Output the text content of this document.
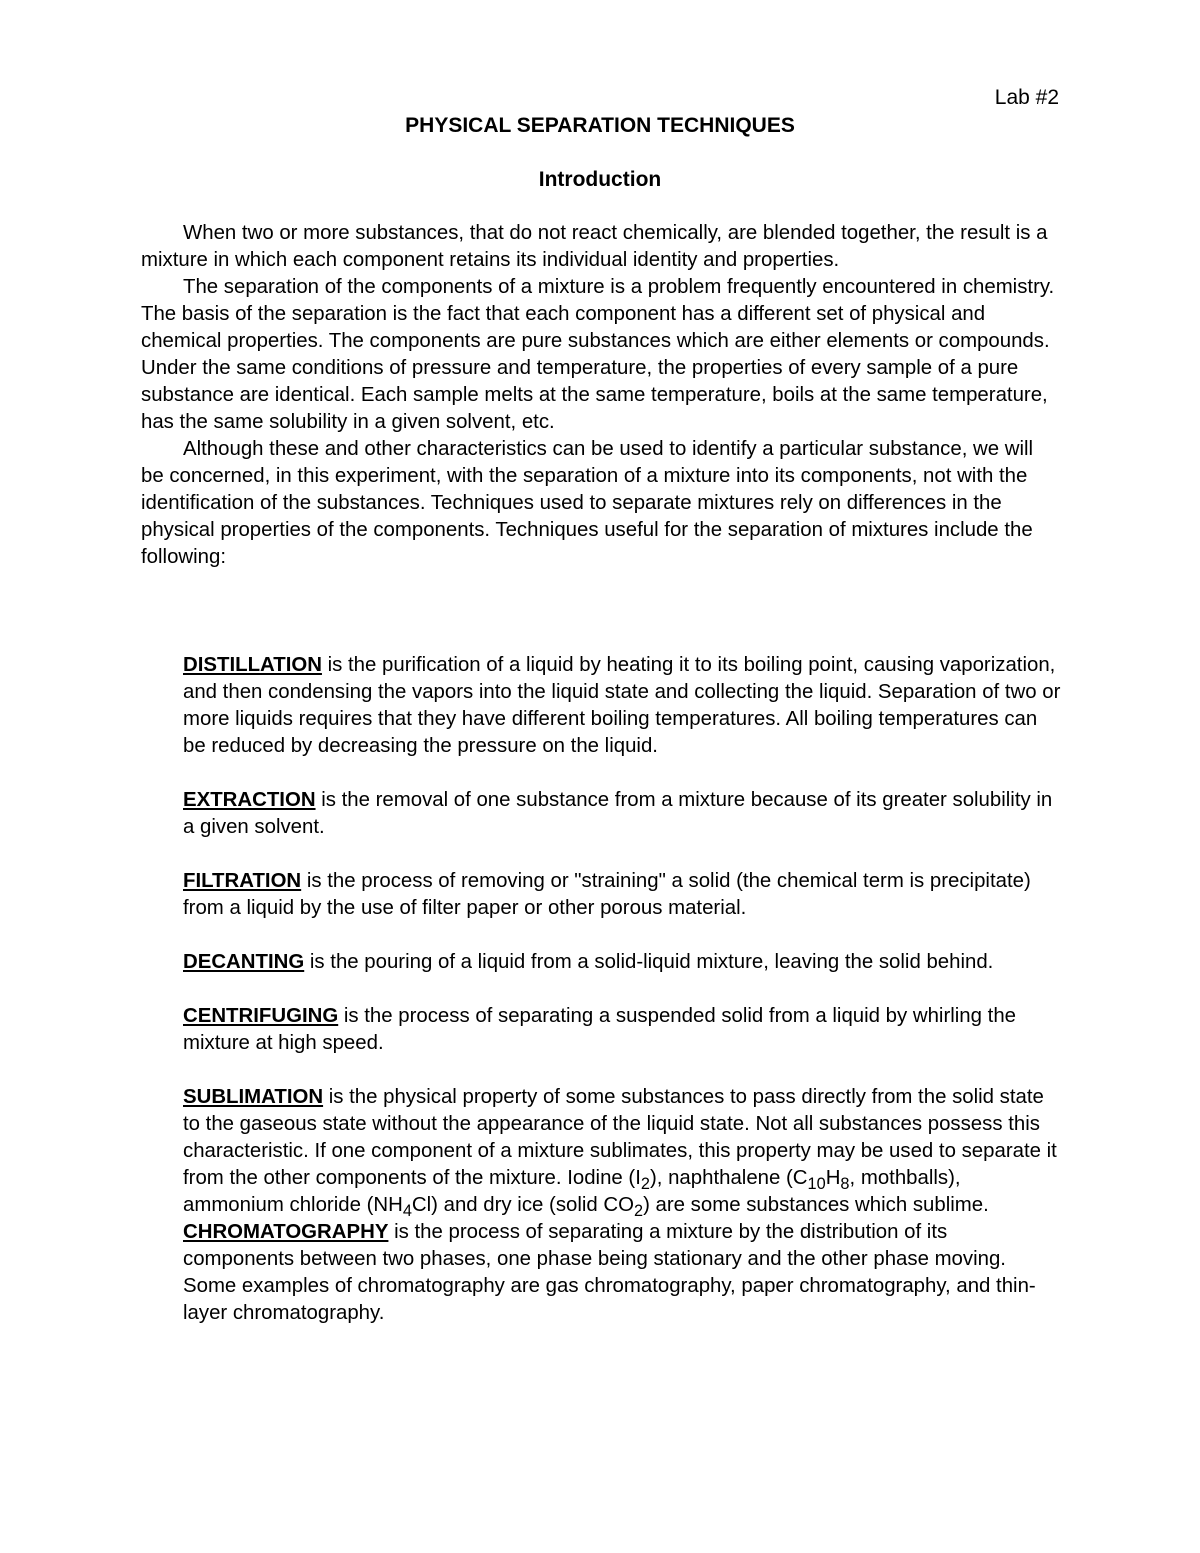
Lab #2
PHYSICAL SEPARATION TECHNIQUES
Introduction

When two or more substances, that do not react chemically, are blended together, the result is a mixture in which each component retains its individual identity and properties.

The separation of the components of a mixture is a problem frequently encountered in chemistry. The basis of the separation is the fact that each component has a different set of physical and chemical properties. The components are pure substances which are either elements or compounds. Under the same conditions of pressure and temperature, the properties of every sample of a pure substance are identical. Each sample melts at the same temperature, boils at the same temperature, has the same solubility in a given solvent, etc.

Although these and other characteristics can be used to identify a particular substance, we will be concerned, in this experiment, with the separation of a mixture into its components, not with the identification of the substances. Techniques used to separate mixtures rely on differences in the physical properties of the components. Techniques useful for the separation of mixtures include the following:

DISTILLATION is the purification of a liquid by heating it to its boiling point, causing vaporization, and then condensing the vapors into the liquid state and collecting the liquid. Separation of two or more liquids requires that they have different boiling temperatures. All boiling temperatures can be reduced by decreasing the pressure on the liquid.

EXTRACTION is the removal of one substance from a mixture because of its greater solubility in a given solvent.

FILTRATION is the process of removing or "straining" a solid (the chemical term is precipitate) from a liquid by the use of filter paper or other porous material.

DECANTING is the pouring of a liquid from a solid-liquid mixture, leaving the solid behind.

CENTRIFUGING is the process of separating a suspended solid from a liquid by whirling the mixture at high speed.

SUBLIMATION is the physical property of some substances to pass directly from the solid state to the gaseous state without the appearance of the liquid state. Not all substances possess this characteristic. If one component of a mixture sublimates, this property may be used to separate it from the other components of the mixture. Iodine $(I_2)$, naphthalene ($C_{10}H_8$, mothballs), ammonium chloride $(NH_4Cl)$ and dry ice (solid $CO_2$) are some substances which sublime.

CHROMATOGRAPHY is the process of separating a mixture by the distribution of its components between two phases, one phase being stationary and the other phase moving. Some examples of chromatography are gas chromatography, paper chromatography, and thin-layer chromatography.
